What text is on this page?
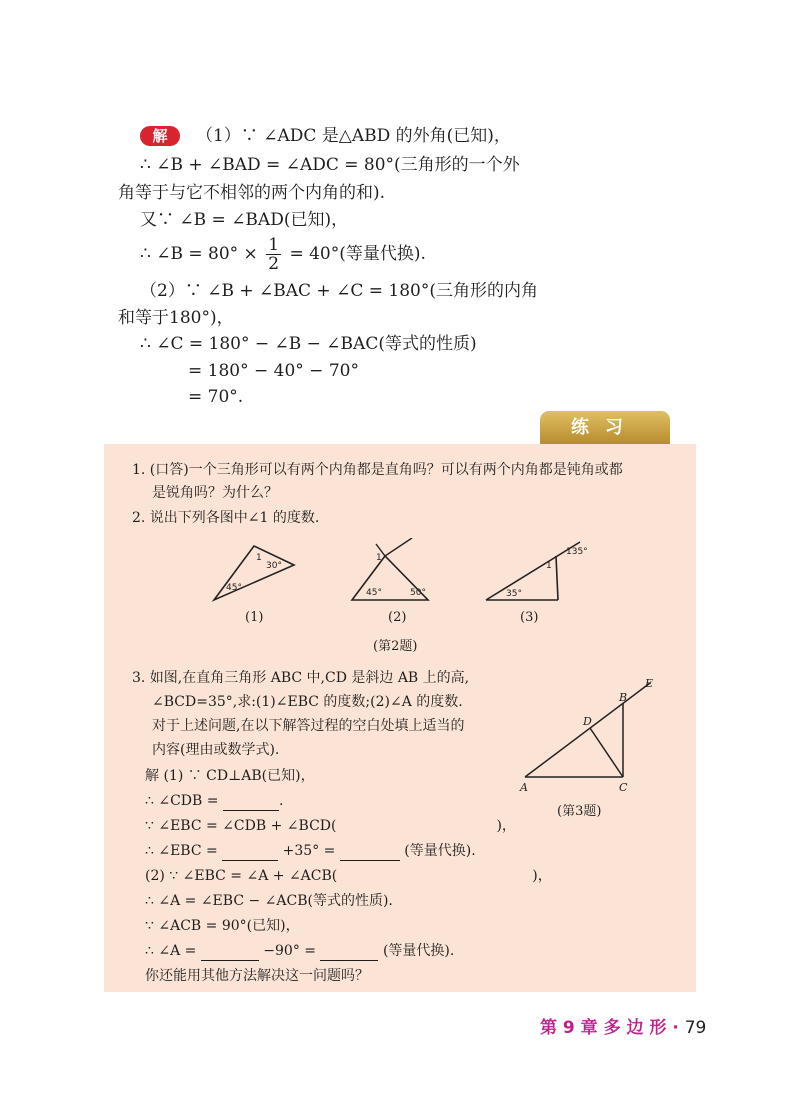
解	（1）∵ ∠ADC 是△ABD 的外角(已知)，
∴ ∠B + ∠BAD = ∠ADC = 80°(三角形的一个外
角等于与它不相邻的两个内角的和).
又∵ ∠B = ∠BAD(已知)，
∴ ∠B = $80^\circ \times \frac{1}{2} = 40^\circ$(等量代换).
（2）∵ ∠B + ∠BAC + ∠C = 180°(三角形的内角
和等于180°)，
∴ ∠C = 180° − ∠B − ∠BAC(等式的性质)
= 180° − 40° − 70°
= 70°.
练习
1. (口答)一个三角形可以有两个内角都是直角吗？可以有两个内角都是钝角或都
是锐角吗？为什么？
2. 说出下列各图中∠1 的度数.
1
30°
45°
1
45°	50°
135°
1
35°
(1)	(2)	(3)
(第2题)
3. 如图,在直角三角形 ABC 中,CD 是斜边 AB 上的高,
∠BCD=35°,求:(1)∠EBC 的度数;(2)∠A 的度数.
对于上述问题,在以下解答过程的空白处填上适当的
内容(理由或数学式).
解 (1) ∵ CD⊥AB(已知)，
∴ ∠CDB =	.
∵ ∠EBC = ∠CDB + ∠BCD(	)，
∴ ∠EBC =	+35° =	(等量代换).
(2) ∵ ∠EBC = ∠A + ∠ACB(	)，
∴ ∠A = ∠EBC − ∠ACB(等式的性质).
∵ ∠ACB = 90°(已知)，
∴ ∠A =	−90° =	(等量代换).
你还能用其他方法解决这一问题吗？
A
B
C
D
E
(第3题)
第 9 章 多 边 形 · 79
